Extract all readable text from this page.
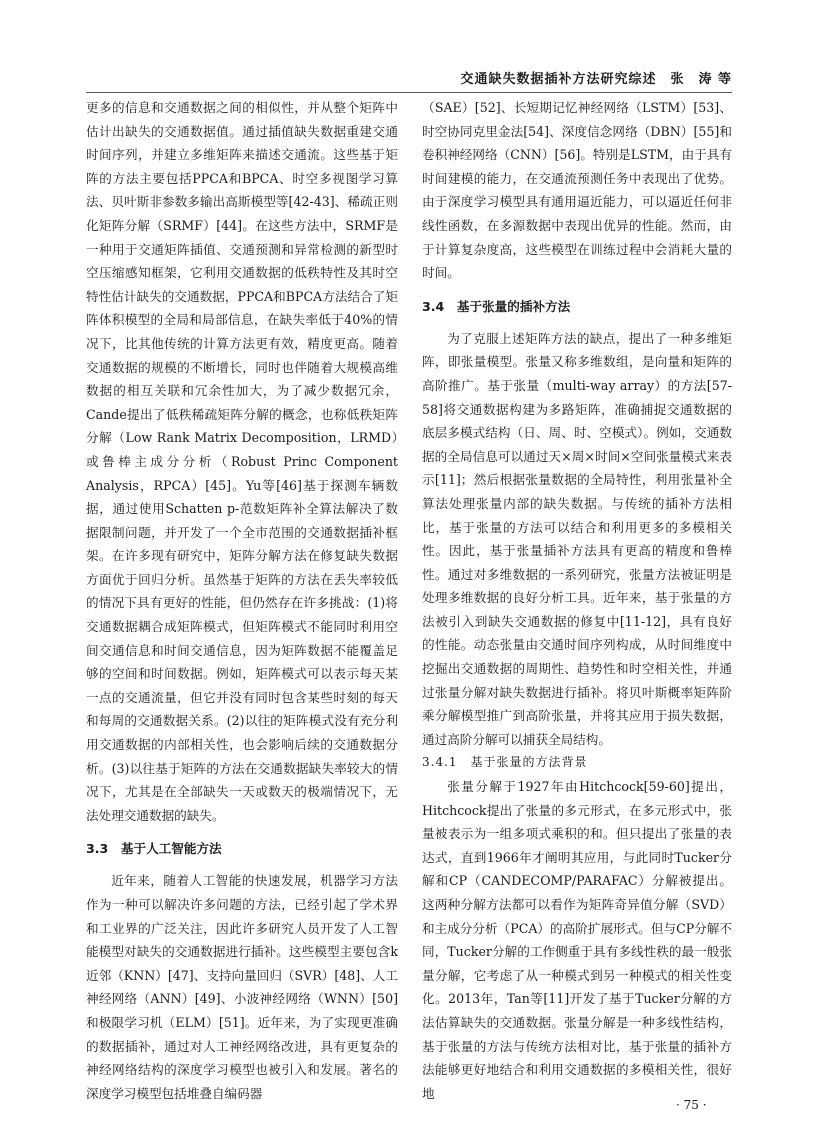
交通缺失数据插补方法研究综述　张　涛 等

更多的信息和交通数据之间的相似性，并从整个矩阵中估计出缺失的交通数据值。通过插值缺失数据重建交通时间序列，并建立多维矩阵来描述交通流。这些基于矩阵的方法主要包括PPCA和BPCA、时空多视图学习算法、贝叶斯非参数多输出高斯模型等[42-43]、稀疏正则化矩阵分解（SRMF）[44]。在这些方法中，SRMF是一种用于交通矩阵插值、交通预测和异常检测的新型时空压缩感知框架，它利用交通数据的低秩特性及其时空特性估计缺失的交通数据，PPCA和BPCA方法结合了矩阵体积模型的全局和局部信息，在缺失率低于40%的情况下，比其他传统的计算方法更有效，精度更高。随着交通数据的规模的不断增长，同时也伴随着大规模高维数据的相互关联和冗余性加大，为了减少数据冗余，Cande提出了低秩稀疏矩阵分解的概念，也称低秩矩阵分解（Low Rank Matrix Decomposition，LRMD）或鲁棒主成分分析（Robust Princ Component Analysis，RPCA）[45]。Yu等[46]基于探测车辆数据，通过使用Schatten p-范数矩阵补全算法解决了数据限制问题，并开发了一个全市范围的交通数据插补框架。在许多现有研究中，矩阵分解方法在修复缺失数据方面优于回归分析。虽然基于矩阵的方法在丢失率较低的情况下具有更好的性能，但仍然存在许多挑战：(1)将交通数据耦合成矩阵模式，但矩阵模式不能同时利用空间交通信息和时间交通信息，因为矩阵数据不能覆盖足够的空间和时间数据。例如，矩阵模式可以表示每天某一点的交通流量，但它并没有同时包含某些时刻的每天和每周的交通数据关系。(2)以往的矩阵模式没有充分利用交通数据的内部相关性，也会影响后续的交通数据分析。(3)以往基于矩阵的方法在交通数据缺失率较大的情况下，尤其是在全部缺失一天或数天的极端情况下，无法处理交通数据的缺失。

3.3　基于人工智能方法

近年来，随着人工智能的快速发展，机器学习方法作为一种可以解决许多问题的方法，已经引起了学术界和工业界的广泛关注，因此许多研究人员开发了人工智能模型对缺失的交通数据进行插补。这些模型主要包含k近邻（KNN）[47]、支持向量回归（SVR）[48]、人工神经网络（ANN）[49]、小波神经网络（WNN）[50]和极限学习机（ELM）[51]。近年来，为了实现更准确的数据插补，通过对人工神经网络改进，具有更复杂的神经网络结构的深度学习模型也被引入和发展。著名的深度学习模型包括堆叠自编码器

（SAE）[52]、长短期记忆神经网络（LSTM）[53]、时空协同克里金法[54]、深度信念网络（DBN）[55]和卷积神经网络（CNN）[56]。特别是LSTM，由于具有时间建模的能力，在交通流预测任务中表现出了优势。由于深度学习模型具有通用逼近能力，可以逼近任何非线性函数，在多源数据中表现出优异的性能。然而，由于计算复杂度高，这些模型在训练过程中会消耗大量的时间。

3.4　基于张量的插补方法

为了克服上述矩阵方法的缺点，提出了一种多维矩阵，即张量模型。张量又称多维数组，是向量和矩阵的高阶推广。基于张量（multi-way array）的方法[57-58]将交通数据构建为多路矩阵，准确捕捉交通数据的底层多模式结构（日、周、时、空模式）。例如，交通数据的全局信息可以通过天×周×时间×空间张量模式来表示[11]；然后根据张量数据的全局特性，利用张量补全算法处理张量内部的缺失数据。与传统的插补方法相比，基于张量的方法可以结合和利用更多的多模相关性。因此，基于张量插补方法具有更高的精度和鲁棒性。通过对多维数据的一系列研究，张量方法被证明是处理多维数据的良好分析工具。近年来，基于张量的方法被引入到缺失交通数据的修复中[11-12]，具有良好的性能。动态张量由交通时间序列构成，从时间维度中挖掘出交通数据的周期性、趋势性和时空相关性，并通过张量分解对缺失数据进行插补。将贝叶斯概率矩阵阶乘分解模型推广到高阶张量，并将其应用于损失数据，通过高阶分解可以捕获全局结构。

3.4.1　基于张量的方法背景

张量分解于1927年由Hitchcock[59-60]提出，Hitchcock提出了张量的多元形式，在多元形式中，张量被表示为一组多项式乘积的和。但只提出了张量的表达式，直到1966年才阐明其应用，与此同时Tucker分解和CP（CANDECOMP/PARAFAC）分解被提出。这两种分解方法都可以看作为矩阵奇异值分解（SVD）和主成分分析（PCA）的高阶扩展形式。但与CP分解不同，Tucker分解的工作侧重于具有多线性秩的最一般张量分解，它考虑了从一种模式到另一种模式的相关性变化。2013年，Tan等[11]开发了基于Tucker分解的方法估算缺失的交通数据。张量分解是一种多线性结构，基于张量的方法与传统方法相对比，基于张量的插补方法能够更好地结合和利用交通数据的多模相关性，很好地

· 75 ·
